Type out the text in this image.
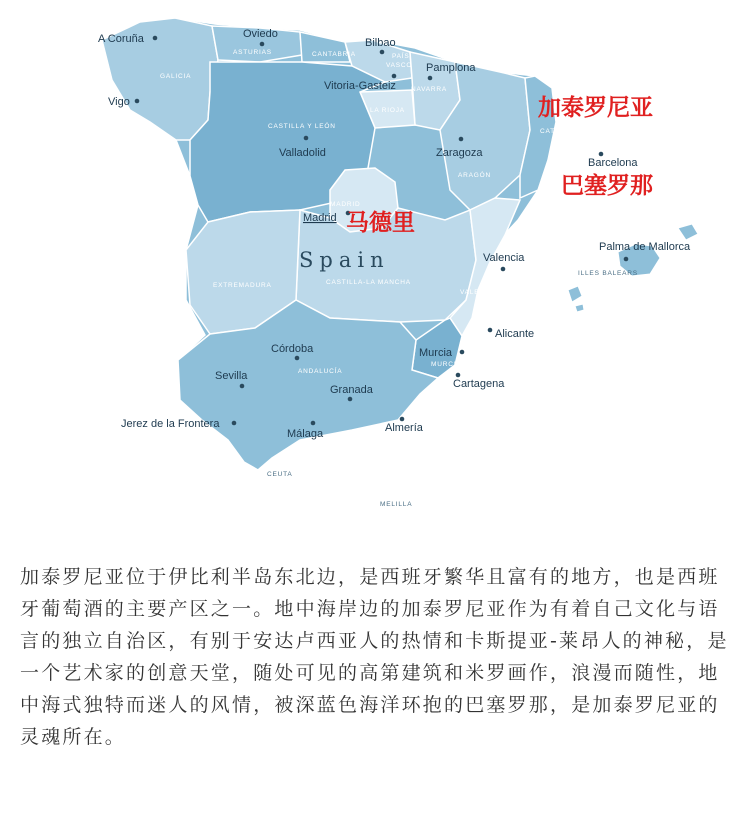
ASTURIAS	CANTABRIA	PAÍS
VASCO
GALICIA
NAVARRA
LA RIOJA
CASTILLA Y LEÓN
CATALUÑA
ARAGÓN
MADRID
EXTREMADURA	CASTILLA-LA MANCHA
VALENCIA
ILLES BALEARS
ANDALUCÍA
MURCIA
CEUTA
MELILLA
Spain
A Coruña	Oviedo
Bilbao
Pamplona
Vigo
Vitoria-Gasteiz
Valladolid	Zaragoza
Barcelona
Madrid
Valencia
Palma de Mallorca
Alicante
Córdoba	Murcia
Sevilla
Cartagena
Granada
Jerez de la Frontera
Málaga	Almería
加泰罗尼亚
巴塞罗那
马德里

加泰罗尼亚位于伊比利半岛东北边，是西班牙繁华且富有的地方，也是西班牙葡萄酒的主要产区之一。地中海岸边的加泰罗尼亚作为有着自己文化与语言的独立自治区，有别于安达卢西亚人的热情和卡斯提亚-莱昂人的神秘，是一个艺术家的创意天堂，随处可见的高第建筑和米罗画作，浪漫而随性，地中海式独特而迷人的风情，被深蓝色海洋环抱的巴塞罗那，是加泰罗尼亚的灵魂所在。
